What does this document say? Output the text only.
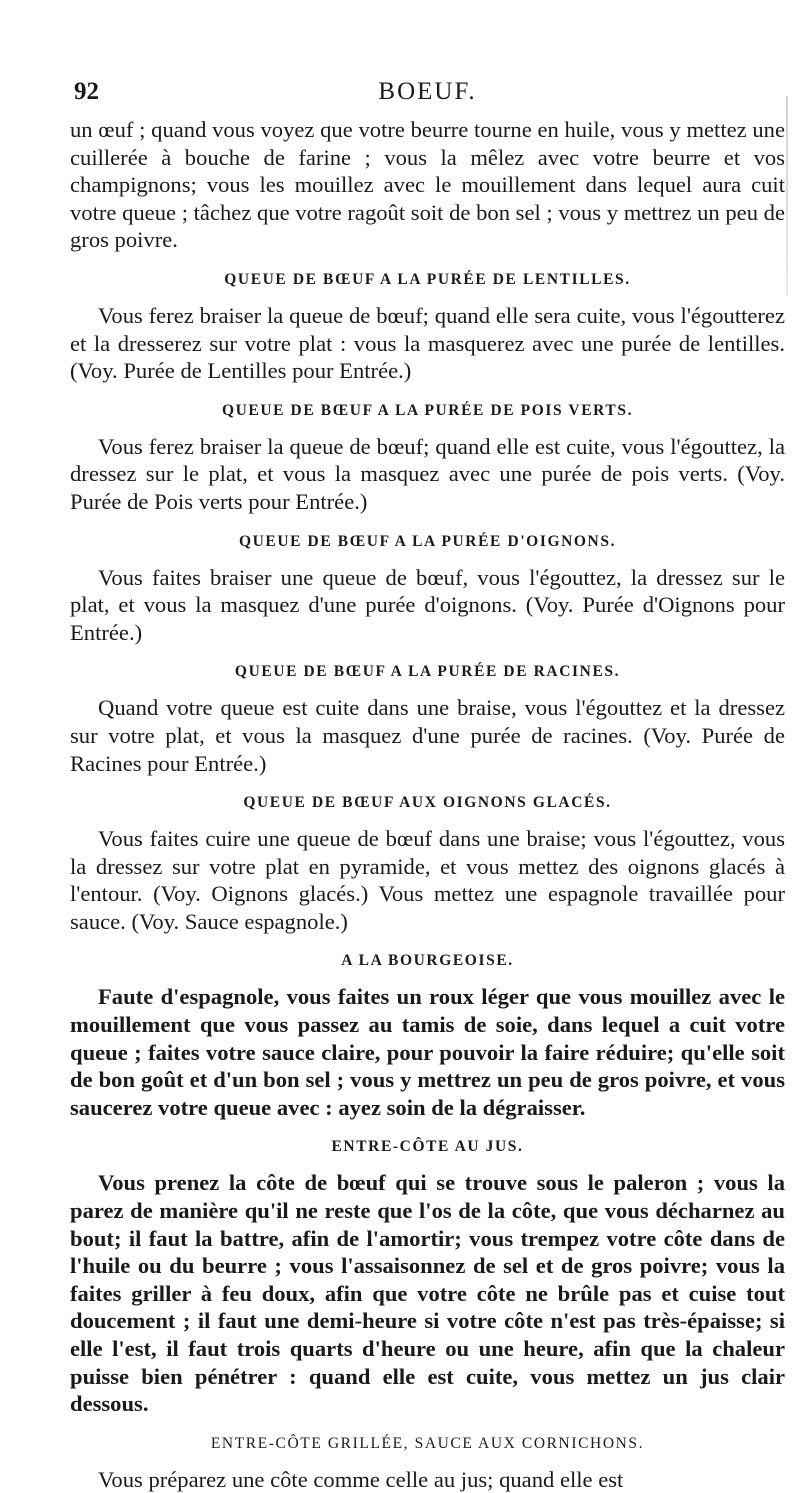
92	BOEUF.

un œuf ; quand vous voyez que votre beurre tourne en huile, vous y mettez une cuillerée à bouche de farine ; vous la mêlez avec votre beurre et vos champignons; vous les mouillez avec le mouillement dans lequel aura cuit votre queue ; tâchez que votre ragoût soit de bon sel ; vous y mettrez un peu de gros poivre.

QUEUE DE BŒUF A LA PURÉE DE LENTILLES.

Vous ferez braiser la queue de bœuf; quand elle sera cuite, vous l'égoutterez et la dresserez sur votre plat : vous la masquerez avec une purée de lentilles. (Voy. Purée de Lentilles pour Entrée.)

QUEUE DE BŒUF A LA PURÉE DE POIS VERTS.

Vous ferez braiser la queue de bœuf; quand elle est cuite, vous l'égouttez, la dressez sur le plat, et vous la masquez avec une purée de pois verts. (Voy. Purée de Pois verts pour Entrée.)

QUEUE DE BŒUF A LA PURÉE D'OIGNONS.

Vous faites braiser une queue de bœuf, vous l'égouttez, la dressez sur le plat, et vous la masquez d'une purée d'oignons. (Voy. Purée d'Oignons pour Entrée.)

QUEUE DE BŒUF A LA PURÉE DE RACINES.

Quand votre queue est cuite dans une braise, vous l'égouttez et la dressez sur votre plat, et vous la masquez d'une purée de racines. (Voy. Purée de Racines pour Entrée.)

QUEUE DE BŒUF AUX OIGNONS GLACÉS.

Vous faites cuire une queue de bœuf dans une braise; vous l'égouttez, vous la dressez sur votre plat en pyramide, et vous mettez des oignons glacés à l'entour. (Voy. Oignons glacés.) Vous mettez une espagnole travaillée pour sauce. (Voy. Sauce espagnole.)

A LA BOURGEOISE.

Faute d'espagnole, vous faites un roux léger que vous mouillez avec le mouillement que vous passez au tamis de soie, dans lequel a cuit votre queue ; faites votre sauce claire, pour pouvoir la faire réduire; qu'elle soit de bon goût et d'un bon sel ; vous y mettrez un peu de gros poivre, et vous saucerez votre queue avec : ayez soin de la dégraisser.

ENTRE-CÔTE AU JUS.

Vous prenez la côte de bœuf qui se trouve sous le paleron ; vous la parez de manière qu'il ne reste que l'os de la côte, que vous décharnez au bout; il faut la battre, afin de l'amortir; vous trempez votre côte dans de l'huile ou du beurre ; vous l'assaisonnez de sel et de gros poivre; vous la faites griller à feu doux, afin que votre côte ne brûle pas et cuise tout doucement ; il faut une demi-heure si votre côte n'est pas très-épaisse; si elle l'est, il faut trois quarts d'heure ou une heure, afin que la chaleur puisse bien pénétrer : quand elle est cuite, vous mettez un jus clair dessous.

ENTRE-CÔTE GRILLÉE, SAUCE AUX CORNICHONS.

Vous préparez une côte comme celle au jus; quand elle est
